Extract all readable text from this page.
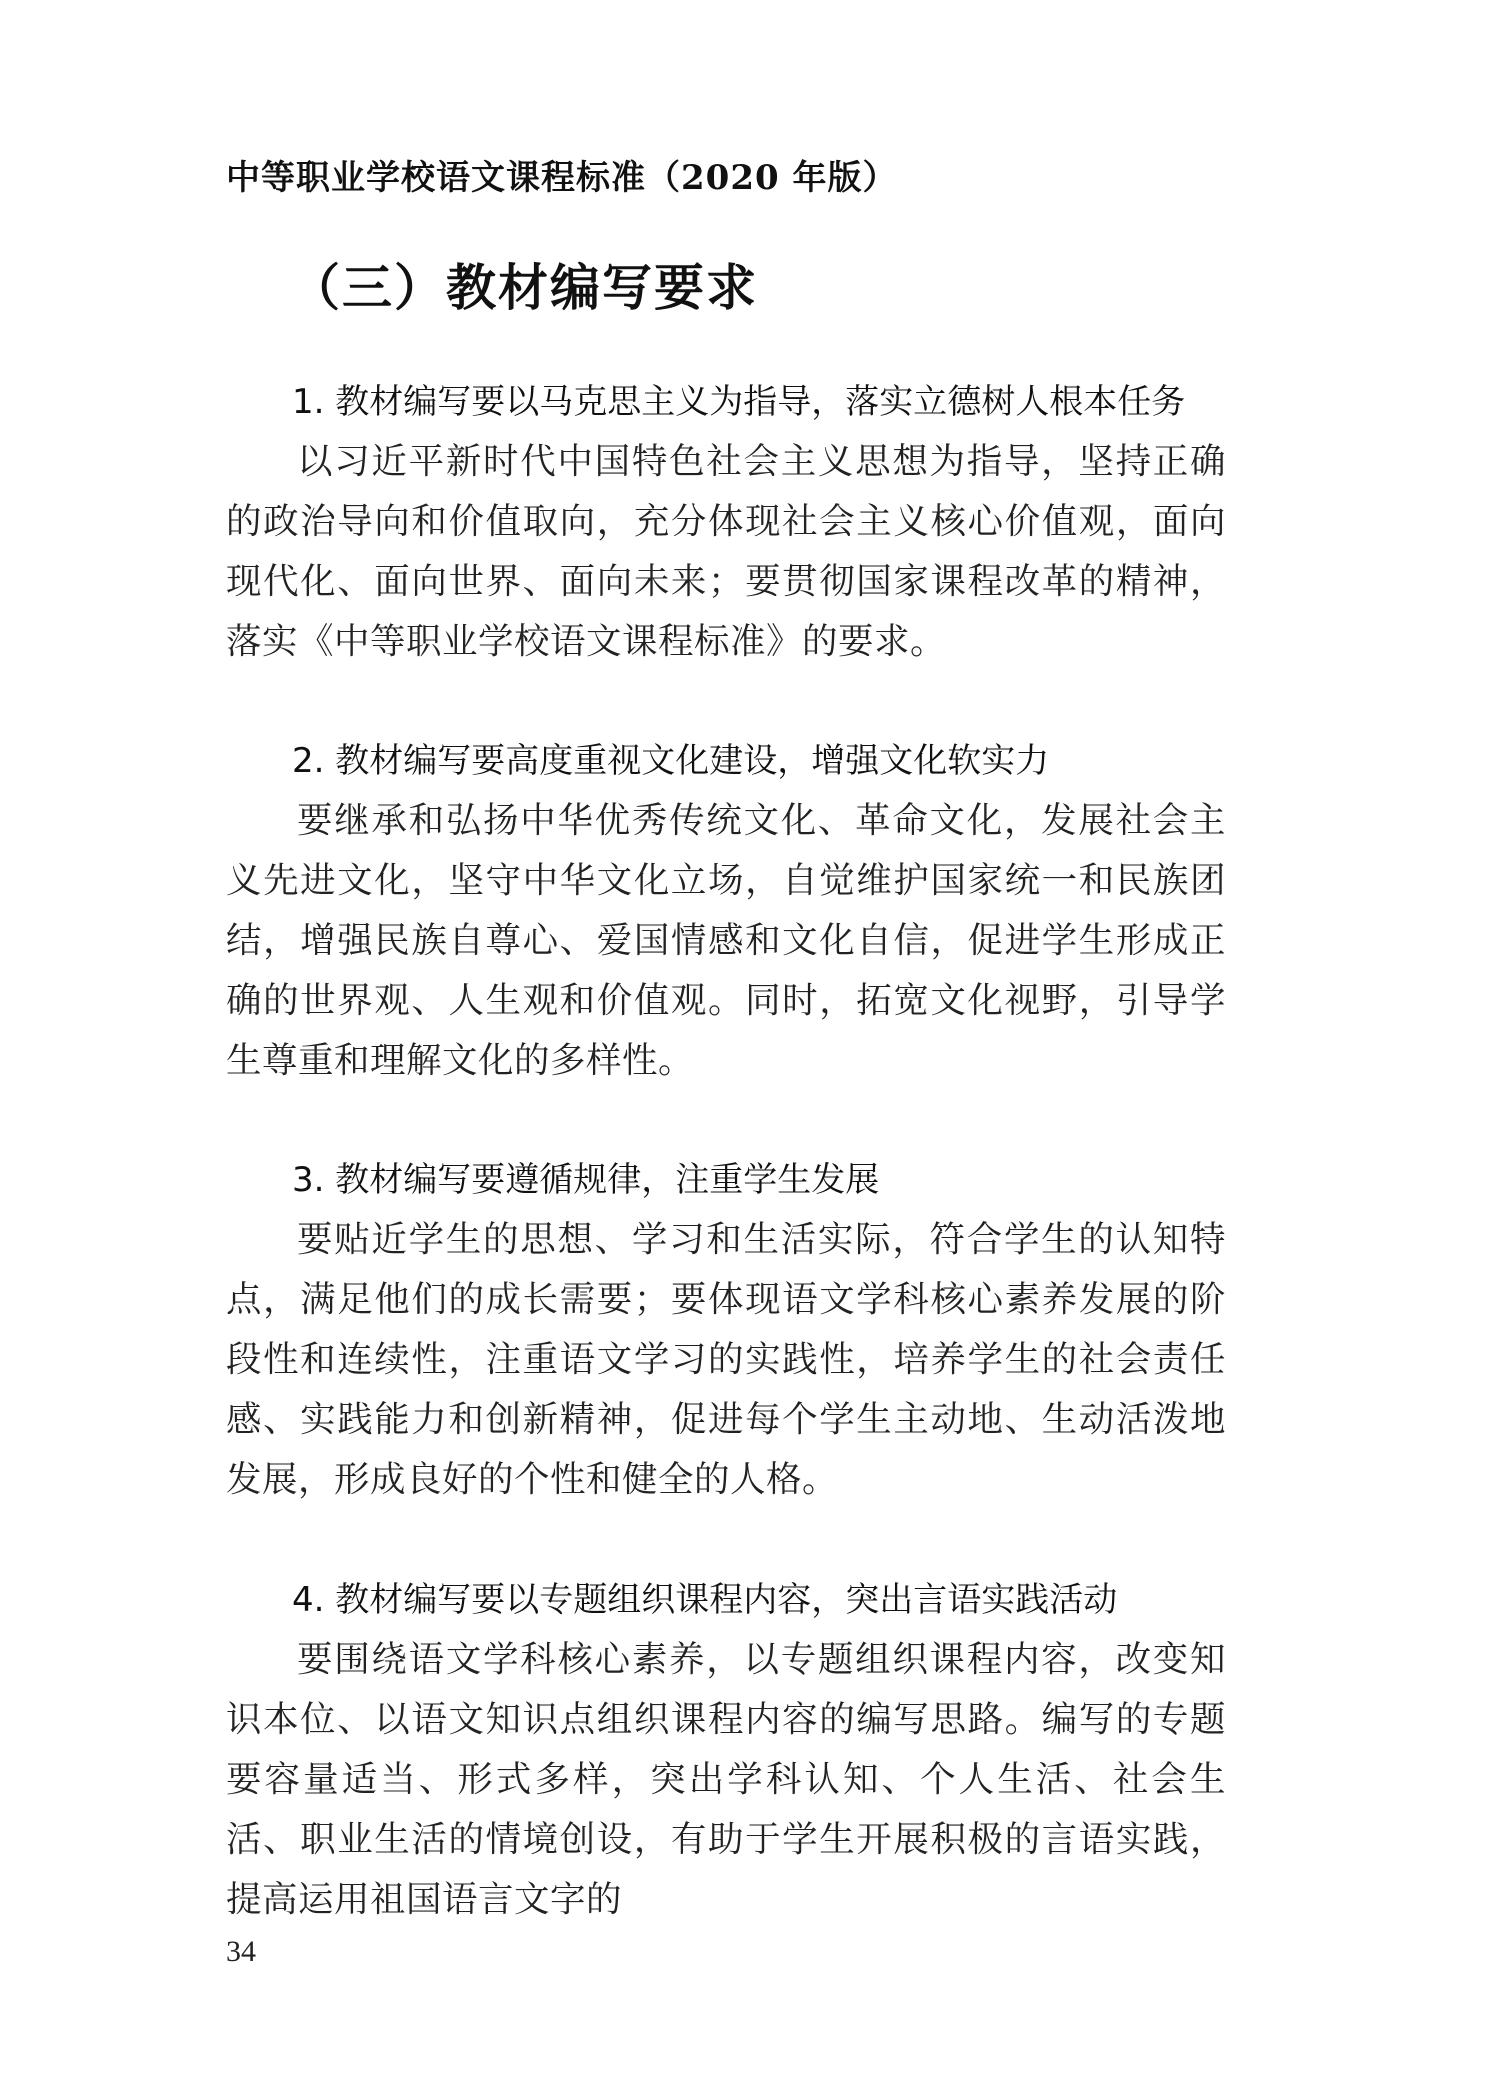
中等职业学校语文课程标准（2020 年版）
（三）教材编写要求
1. 教材编写要以马克思主义为指导，落实立德树人根本任务

以习近平新时代中国特色社会主义思想为指导，坚持正确的政治导向和价值取向，充分体现社会主义核心价值观，面向现代化、面向世界、面向未来；要贯彻国家课程改革的精神，落实《中等职业学校语文课程标准》的要求。

2. 教材编写要高度重视文化建设，增强文化软实力

要继承和弘扬中华优秀传统文化、革命文化，发展社会主义先进文化，坚守中华文化立场，自觉维护国家统一和民族团结，增强民族自尊心、爱国情感和文化自信，促进学生形成正确的世界观、人生观和价值观。同时，拓宽文化视野，引导学生尊重和理解文化的多样性。

3. 教材编写要遵循规律，注重学生发展

要贴近学生的思想、学习和生活实际，符合学生的认知特点，满足他们的成长需要；要体现语文学科核心素养发展的阶段性和连续性，注重语文学习的实践性，培养学生的社会责任感、实践能力和创新精神，促进每个学生主动地、生动活泼地发展，形成良好的个性和健全的人格。

4. 教材编写要以专题组织课程内容，突出言语实践活动

要围绕语文学科核心素养，以专题组织课程内容，改变知识本位、以语文知识点组织课程内容的编写思路。编写的专题要容量适当、形式多样，突出学科认知、个人生活、社会生活、职业生活的情境创设，有助于学生开展积极的言语实践，提高运用祖国语言文字的

34
